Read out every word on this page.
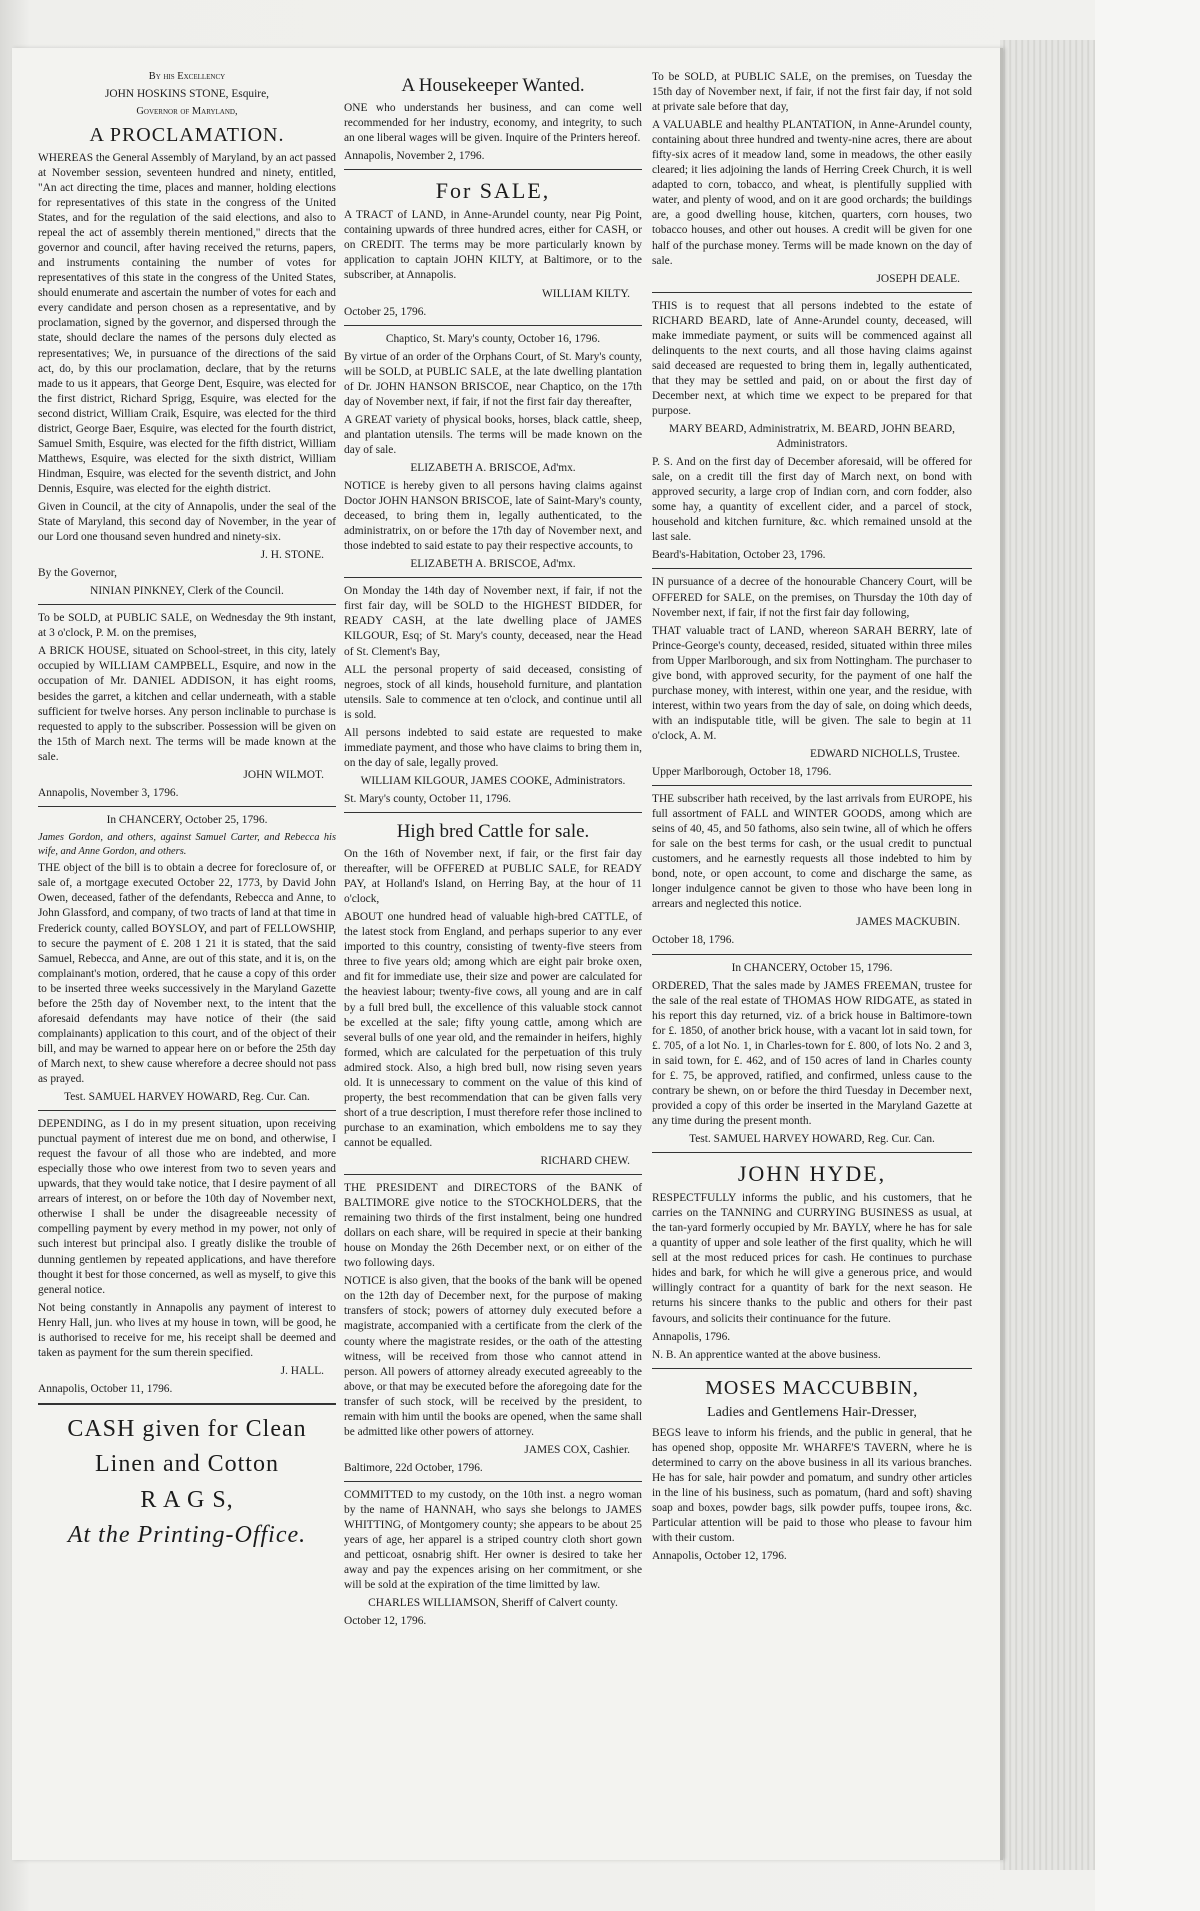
By his Excellency

JOHN HOSKINS STONE, Esquire,

Governor of Maryland,

A PROCLAMATION.

WHEREAS the General Assembly of Maryland, by an act passed at November session, seventeen hundred and ninety, entitled, "An act directing the time, places and manner, holding elections for representatives of this state in the congress of the United States, and for the regulation of the said elections, and also to repeal the act of assembly therein mentioned," directs that the governor and council, after having received the returns, papers, and instruments containing the number of votes for representatives of this state in the congress of the United States, should enumerate and ascertain the number of votes for each and every candidate and person chosen as a representative, and by proclamation, signed by the governor, and dispersed through the state, should declare the names of the persons duly elected as representatives; We, in pursuance of the directions of the said act, do, by this our proclamation, declare, that by the returns made to us it appears, that George Dent, Esquire, was elected for the first district, Richard Sprigg, Esquire, was elected for the second district, William Craik, Esquire, was elected for the third district, George Baer, Esquire, was elected for the fourth district, Samuel Smith, Esquire, was elected for the fifth district, William Matthews, Esquire, was elected for the sixth district, William Hindman, Esquire, was elected for the seventh district, and John Dennis, Esquire, was elected for the eighth district.

Given in Council, at the city of Annapolis, under the seal of the State of Maryland, this second day of November, in the year of our Lord one thousand seven hundred and ninety-six.

J. H. STONE.

By the Governor,

NINIAN PINKNEY, Clerk of the Council.

To be SOLD, at PUBLIC SALE, on Wednesday the 9th instant, at 3 o'clock, P. M. on the premises,

A BRICK HOUSE, situated on School-street, in this city, lately occupied by WILLIAM CAMPBELL, Esquire, and now in the occupation of Mr. DANIEL ADDISON, it has eight rooms, besides the garret, a kitchen and cellar underneath, with a stable sufficient for twelve horses. Any person inclinable to purchase is requested to apply to the subscriber. Possession will be given on the 15th of March next. The terms will be made known at the sale.

JOHN WILMOT.

Annapolis, November 3, 1796.

In CHANCERY, October 25, 1796.

James Gordon, and others, against Samuel Carter, and Rebecca his wife, and Anne Gordon, and others.

THE object of the bill is to obtain a decree for foreclosure of, or sale of, a mortgage executed October 22, 1773, by David John Owen, deceased, father of the defendants, Rebecca and Anne, to John Glassford, and company, of two tracts of land at that time in Frederick county, called BOYSLOY, and part of FELLOWSHIP, to secure the payment of £. 208 1 21 it is stated, that the said Samuel, Rebecca, and Anne, are out of this state, and it is, on the complainant's motion, ordered, that he cause a copy of this order to be inserted three weeks successively in the Maryland Gazette before the 25th day of November next, to the intent that the aforesaid defendants may have notice of their (the said complainants) application to this court, and of the object of their bill, and may be warned to appear here on or before the 25th day of March next, to shew cause wherefore a decree should not pass as prayed.

Test. SAMUEL HARVEY HOWARD, Reg. Cur. Can.

DEPENDING, as I do in my present situation, upon receiving punctual payment of interest due me on bond, and otherwise, I request the favour of all those who are indebted, and more especially those who owe interest from two to seven years and upwards, that they would take notice, that I desire payment of all arrears of interest, on or before the 10th day of November next, otherwise I shall be under the disagreeable necessity of compelling payment by every method in my power, not only of such interest but principal also. I greatly dislike the trouble of dunning gentlemen by repeated applications, and have therefore thought it best for those concerned, as well as myself, to give this general notice.

Not being constantly in Annapolis any payment of interest to Henry Hall, jun. who lives at my house in town, will be good, he is authorised to receive for me, his receipt shall be deemed and taken as payment for the sum therein specified.

J. HALL.

Annapolis, October 11, 1796.

CASH given for Clean

Linen and Cotton

R A G S,

At the Printing-Office.

A Housekeeper Wanted.

ONE who understands her business, and can come well recommended for her industry, economy, and integrity, to such an one liberal wages will be given. Inquire of the Printers hereof.

Annapolis, November 2, 1796.

For SALE,

A TRACT of LAND, in Anne-Arundel county, near Pig Point, containing upwards of three hundred acres, either for CASH, or on CREDIT. The terms may be more particularly known by application to captain JOHN KILTY, at Baltimore, or to the subscriber, at Annapolis.

WILLIAM KILTY.

October 25, 1796.

Chaptico, St. Mary's county, October 16, 1796.

By virtue of an order of the Orphans Court, of St. Mary's county, will be SOLD, at PUBLIC SALE, at the late dwelling plantation of Dr. JOHN HANSON BRISCOE, near Chaptico, on the 17th day of November next, if fair, if not the first fair day thereafter,

A GREAT variety of physical books, horses, black cattle, sheep, and plantation utensils. The terms will be made known on the day of sale.

ELIZABETH A. BRISCOE, Ad'mx.

NOTICE is hereby given to all persons having claims against Doctor JOHN HANSON BRISCOE, late of Saint-Mary's county, deceased, to bring them in, legally authenticated, to the administratrix, on or before the 17th day of November next, and those indebted to said estate to pay their respective accounts, to

ELIZABETH A. BRISCOE, Ad'mx.

On Monday the 14th day of November next, if fair, if not the first fair day, will be SOLD to the HIGHEST BIDDER, for READY CASH, at the late dwelling place of JAMES KILGOUR, Esq; of St. Mary's county, deceased, near the Head of St. Clement's Bay,

ALL the personal property of said deceased, consisting of negroes, stock of all kinds, household furniture, and plantation utensils. Sale to commence at ten o'clock, and continue until all is sold.

All persons indebted to said estate are requested to make immediate payment, and those who have claims to bring them in, on the day of sale, legally proved.

WILLIAM KILGOUR, JAMES COOKE, Administrators.

St. Mary's county, October 11, 1796.

High bred Cattle for sale.

On the 16th of November next, if fair, or the first fair day thereafter, will be OFFERED at PUBLIC SALE, for READY PAY, at Holland's Island, on Herring Bay, at the hour of 11 o'clock,

ABOUT one hundred head of valuable high-bred CATTLE, of the latest stock from England, and perhaps superior to any ever imported to this country, consisting of twenty-five steers from three to five years old; among which are eight pair broke oxen, and fit for immediate use, their size and power are calculated for the heaviest labour; twenty-five cows, all young and are in calf by a full bred bull, the excellence of this valuable stock cannot be excelled at the sale; fifty young cattle, among which are several bulls of one year old, and the remainder in heifers, highly formed, which are calculated for the perpetuation of this truly admired stock. Also, a high bred bull, now rising seven years old. It is unnecessary to comment on the value of this kind of property, the best recommendation that can be given falls very short of a true description, I must therefore refer those inclined to purchase to an examination, which emboldens me to say they cannot be equalled.

RICHARD CHEW.

THE PRESIDENT and DIRECTORS of the BANK of BALTIMORE give notice to the STOCKHOLDERS, that the remaining two thirds of the first instalment, being one hundred dollars on each share, will be required in specie at their banking house on Monday the 26th December next, or on either of the two following days.

NOTICE is also given, that the books of the bank will be opened on the 12th day of December next, for the purpose of making transfers of stock; powers of attorney duly executed before a magistrate, accompanied with a certificate from the clerk of the county where the magistrate resides, or the oath of the attesting witness, will be received from those who cannot attend in person. All powers of attorney already executed agreeably to the above, or that may be executed before the aforegoing date for the transfer of such stock, will be received by the president, to remain with him until the books are opened, when the same shall be admitted like other powers of attorney.

JAMES COX, Cashier.

Baltimore, 22d October, 1796.

COMMITTED to my custody, on the 10th inst. a negro woman by the name of HANNAH, who says she belongs to JAMES WHITTING, of Montgomery county; she appears to be about 25 years of age, her apparel is a striped country cloth short gown and petticoat, osnabrig shift. Her owner is desired to take her away and pay the expences arising on her commitment, or she will be sold at the expiration of the time limitted by law.

CHARLES WILLIAMSON, Sheriff of Calvert county.

October 12, 1796.

To be SOLD, at PUBLIC SALE, on the premises, on Tuesday the 15th day of November next, if fair, if not the first fair day, if not sold at private sale before that day,

A VALUABLE and healthy PLANTATION, in Anne-Arundel county, containing about three hundred and twenty-nine acres, there are about fifty-six acres of it meadow land, some in meadows, the other easily cleared; it lies adjoining the lands of Herring Creek Church, it is well adapted to corn, tobacco, and wheat, is plentifully supplied with water, and plenty of wood, and on it are good orchards; the buildings are, a good dwelling house, kitchen, quarters, corn houses, two tobacco houses, and other out houses. A credit will be given for one half of the purchase money. Terms will be made known on the day of sale.

JOSEPH DEALE.

THIS is to request that all persons indebted to the estate of RICHARD BEARD, late of Anne-Arundel county, deceased, will make immediate payment, or suits will be commenced against all delinquents to the next courts, and all those having claims against said deceased are requested to bring them in, legally authenticated, that they may be settled and paid, on or about the first day of December next, at which time we expect to be prepared for that purpose.

MARY BEARD, Administratrix, M. BEARD, JOHN BEARD, Administrators.

P. S. And on the first day of December aforesaid, will be offered for sale, on a credit till the first day of March next, on bond with approved security, a large crop of Indian corn, and corn fodder, also some hay, a quantity of excellent cider, and a parcel of stock, household and kitchen furniture, &c. which remained unsold at the last sale.

Beard's-Habitation, October 23, 1796.

IN pursuance of a decree of the honourable Chancery Court, will be OFFERED for SALE, on the premises, on Thursday the 10th day of November next, if fair, if not the first fair day following,

THAT valuable tract of LAND, whereon SARAH BERRY, late of Prince-George's county, deceased, resided, situated within three miles from Upper Marlborough, and six from Nottingham. The purchaser to give bond, with approved security, for the payment of one half the purchase money, with interest, within one year, and the residue, with interest, within two years from the day of sale, on doing which deeds, with an indisputable title, will be given. The sale to begin at 11 o'clock, A. M.

EDWARD NICHOLLS, Trustee.

Upper Marlborough, October 18, 1796.

THE subscriber hath received, by the last arrivals from EUROPE, his full assortment of FALL and WINTER GOODS, among which are seins of 40, 45, and 50 fathoms, also sein twine, all of which he offers for sale on the best terms for cash, or the usual credit to punctual customers, and he earnestly requests all those indebted to him by bond, note, or open account, to come and discharge the same, as longer indulgence cannot be given to those who have been long in arrears and neglected this notice.

JAMES MACKUBIN.

October 18, 1796.

In CHANCERY, October 15, 1796.

ORDERED, That the sales made by JAMES FREEMAN, trustee for the sale of the real estate of THOMAS HOW RIDGATE, as stated in his report this day returned, viz. of a brick house in Baltimore-town for £. 1850, of another brick house, with a vacant lot in said town, for £. 705, of a lot No. 1, in Charles-town for £. 800, of lots No. 2 and 3, in said town, for £. 462, and of 150 acres of land in Charles county for £. 75, be approved, ratified, and confirmed, unless cause to the contrary be shewn, on or before the third Tuesday in December next, provided a copy of this order be inserted in the Maryland Gazette at any time during the present month.

Test. SAMUEL HARVEY HOWARD, Reg. Cur. Can.

JOHN HYDE,

RESPECTFULLY informs the public, and his customers, that he carries on the TANNING and CURRYING BUSINESS as usual, at the tan-yard formerly occupied by Mr. BAYLY, where he has for sale a quantity of upper and sole leather of the first quality, which he will sell at the most reduced prices for cash. He continues to purchase hides and bark, for which he will give a generous price, and would willingly contract for a quantity of bark for the next season. He returns his sincere thanks to the public and others for their past favours, and solicits their continuance for the future.

Annapolis, 1796.

N. B. An apprentice wanted at the above business.

MOSES MACCUBBIN,

Ladies and Gentlemens Hair-Dresser,

BEGS leave to inform his friends, and the public in general, that he has opened shop, opposite Mr. WHARFE'S TAVERN, where he is determined to carry on the above business in all its various branches. He has for sale, hair powder and pomatum, and sundry other articles in the line of his business, such as pomatum, (hard and soft) shaving soap and boxes, powder bags, silk powder puffs, toupee irons, &c. Particular attention will be paid to those who please to favour him with their custom.

Annapolis, October 12, 1796.
